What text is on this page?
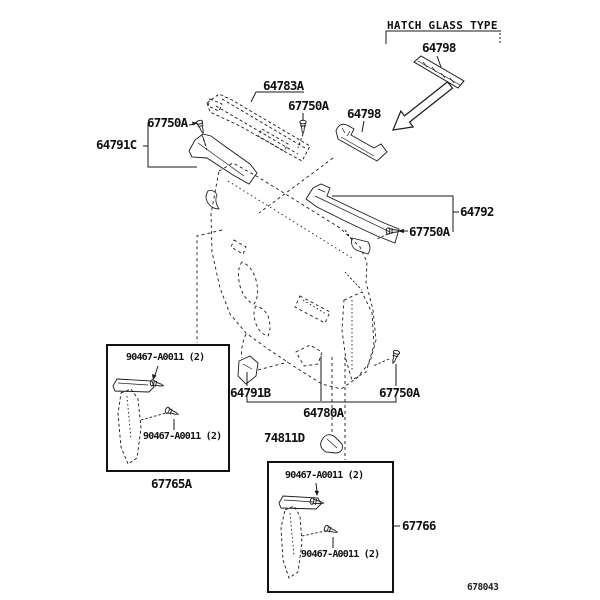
HATCH GLASS TYPE
64798
64783A
67750A
67750A
64791C
64798
64792
67750A
64791B	67750A
64780A
74811D
90467-A0011 (2)
90467-A0011 (2)
67765A
90467-A0011 (2)
90467-A0011 (2)
67766
678043
